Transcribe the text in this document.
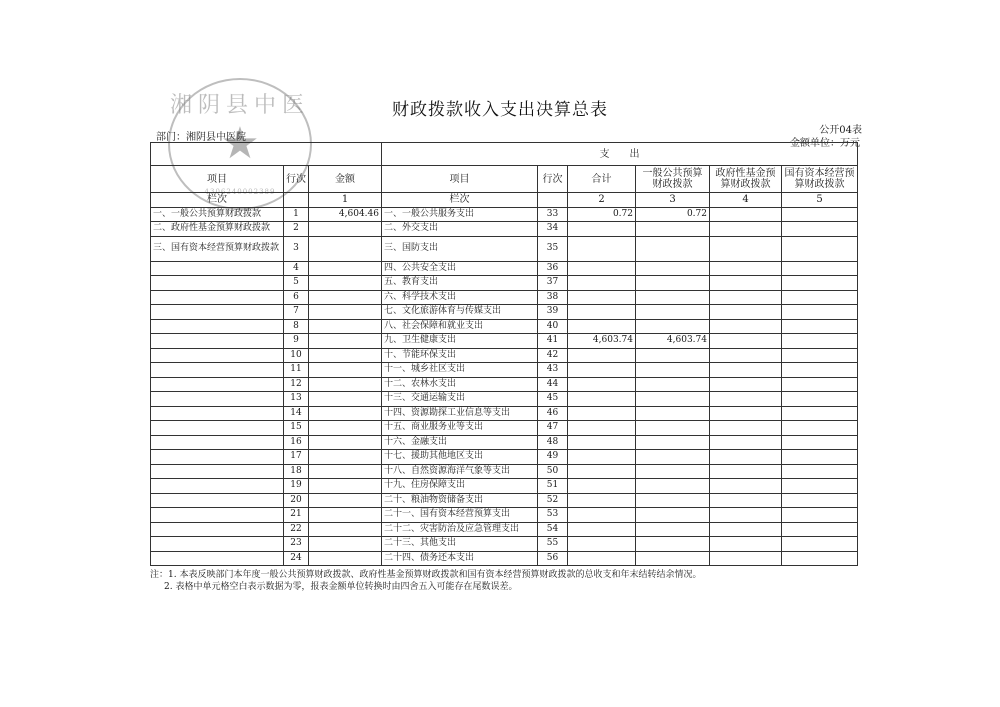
财政拨款收入支出决算总表
公开04表
部门：湘阴县中医院
金额单位：万元
			支　　出					
项目	行次	金额	项目	行次	合计	一般公共预算财政拨款	政府性基金预算财政拨款	国有资本经营预算财政拨款
栏次		1	栏次		2	3	4	5
一、一般公共预算财政拨款	1	4,604.46	一、一般公共服务支出	33	0.72	0.72		
二、政府性基金预算财政拨款	2		二、外交支出	34				
三、国有资本经营预算财政拨款	3		三、国防支出	35				
	4		四、公共安全支出	36				
	5		五、教育支出	37				
	6		六、科学技术支出	38				
	7		七、文化旅游体育与传媒支出	39				
	8		八、社会保障和就业支出	40				
	9		九、卫生健康支出	41	4,603.74	4,603.74		
	10		十、节能环保支出	42				
	11		十一、城乡社区支出	43				
	12		十二、农林水支出	44				
	13		十三、交通运输支出	45				
	14		十四、资源勘探工业信息等支出	46				
	15		十五、商业服务业等支出	47				
	16		十六、金融支出	48				
	17		十七、援助其他地区支出	49				
	18		十八、自然资源海洋气象等支出	50				
	19		十九、住房保障支出	51				
	20		二十、粮油物资储备支出	52				
	21		二十一、国有资本经营预算支出	53				
	22		二十二、灾害防治及应急管理支出	54				
	23		二十三、其他支出	55				
	24		二十四、债务还本支出	56				
湘阴县中医
★
4306240002389
注：1. 本表反映部门本年度一般公共预算财政拨款、政府性基金预算财政拨款和国有资本经营预算财政拨款的总收支和年末结转结余情况。
2. 表格中单元格空白表示数据为零，报表金额单位转换时由四舍五入可能存在尾数误差。
